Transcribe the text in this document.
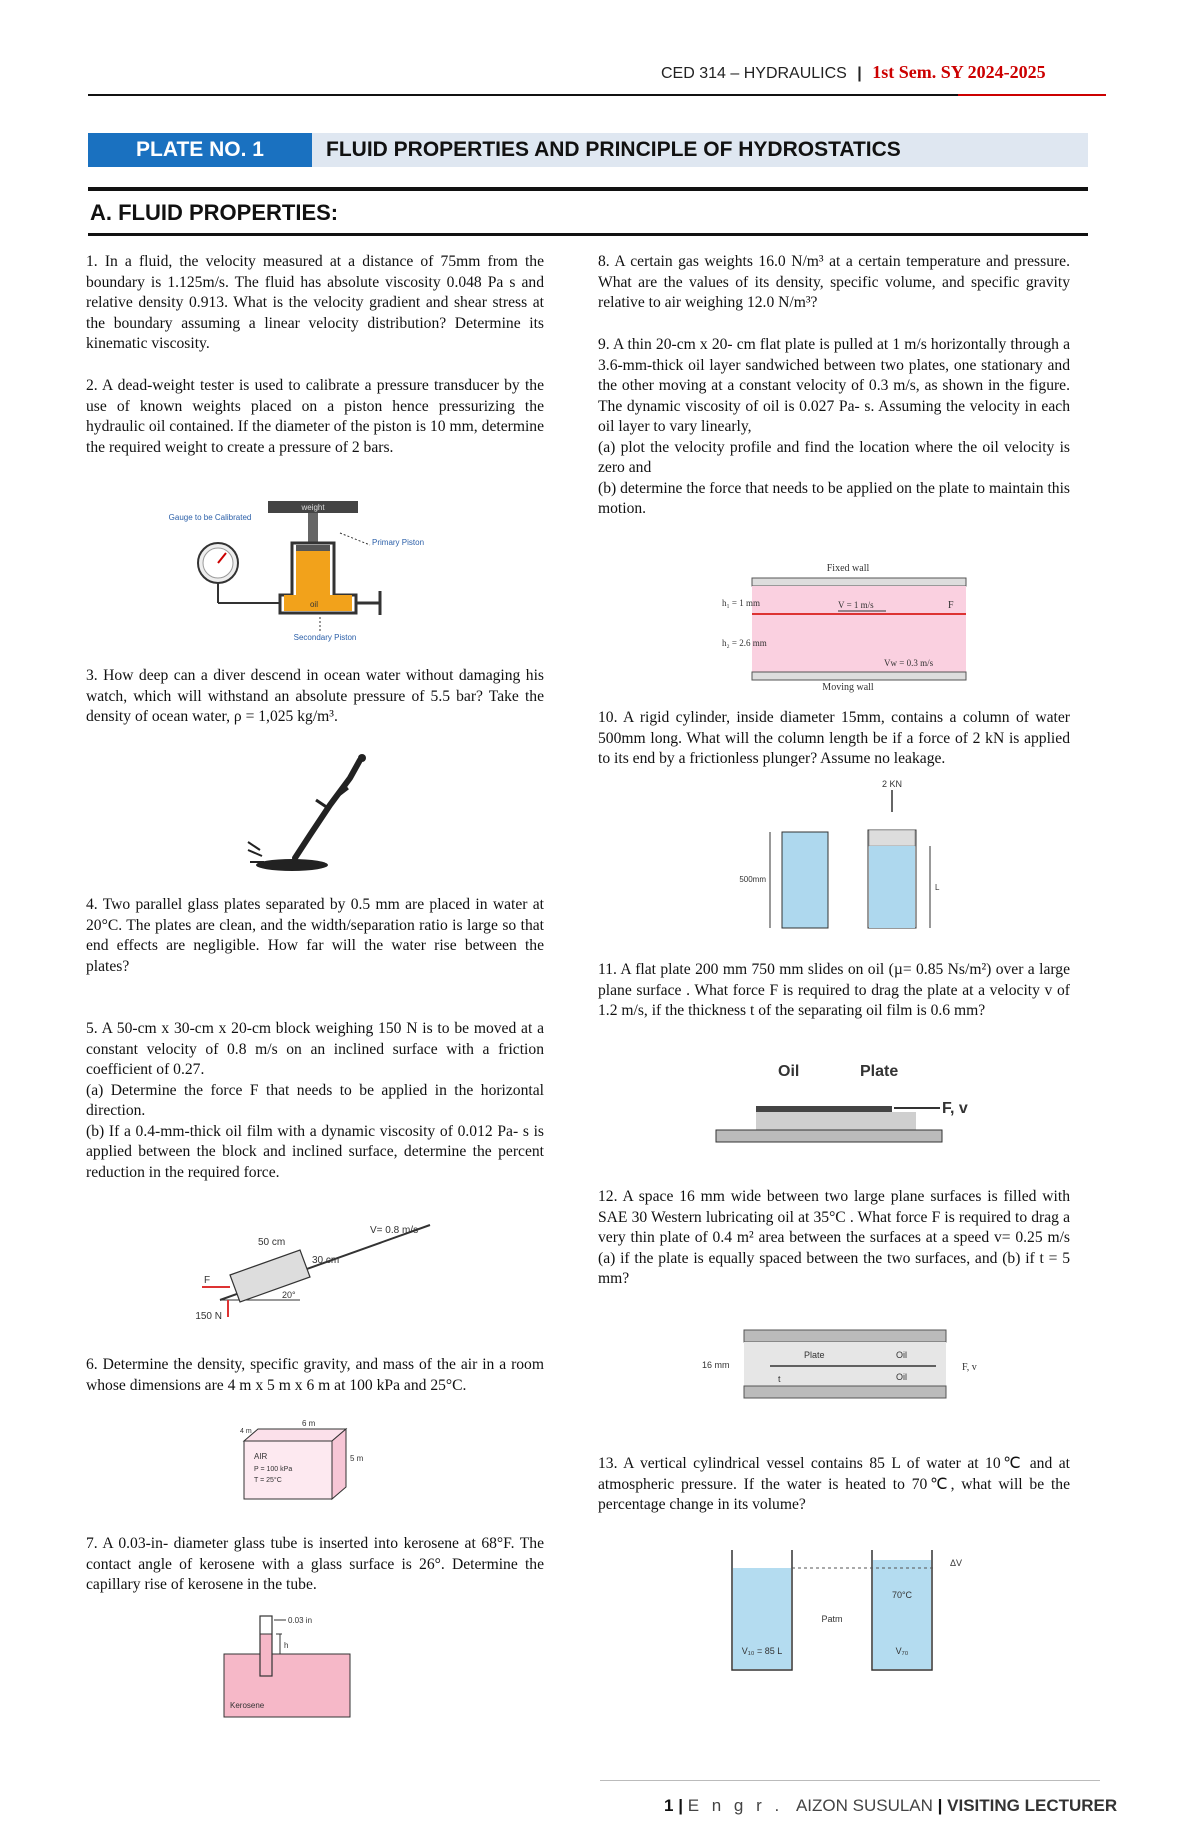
CED 314 – HYDRAULICS | 1st Sem. SY 2024-2025
PLATE NO. 1	FLUID PROPERTIES AND PRINCIPLE OF HYDROSTATICS
A. FLUID PROPERTIES:

1. In a fluid, the velocity measured at a distance of 75mm from the boundary is 1.125m/s. The fluid has absolute viscosity 0.048 Pa s and relative density 0.913. What is the velocity gradient and shear stress at the boundary assuming a linear velocity distribution? Determine its kinematic viscosity.

2. A dead-weight tester is used to calibrate a pressure transducer by the use of known weights placed on a piston hence pressurizing the hydraulic oil contained. If the diameter of the piston is 10 mm, determine the required weight to create a pressure of 2 bars.

weight
oil
Gauge to be Calibrated
Primary Piston
Secondary Piston

3. How deep can a diver descend in ocean water without damaging his watch, which will withstand an absolute pressure of 5.5 bar? Take the density of ocean water, ρ = 1,025 kg/m³.

4. Two parallel glass plates separated by 0.5 mm are placed in water at 20°C. The plates are clean, and the width/separation ratio is large so that end effects are negligible. How far will the water rise between the plates?

5. A 50-cm x 30-cm x 20-cm block weighing 150 N is to be moved at a constant velocity of 0.8 m/s on an inclined surface with a friction coefficient of 0.27.

(a) Determine the force F that needs to be applied in the horizontal direction.

(b) If a 0.4-mm-thick oil film with a dynamic viscosity of 0.012 Pa- s is applied between the block and inclined surface, determine the percent reduction in the required force.

F
150 N
50 cm
30 cm
V= 0.8 m/s
20°

6. Determine the density, specific gravity, and mass of the air in a room whose dimensions are 4 m x 5 m x 6 m at 100 kPa and 25°C.

6 m
4 m
5 m
AIR
P = 100 kPa
T = 25°C

7. A 0.03-in- diameter glass tube is inserted into kerosene at 68°F. The contact angle of kerosene with a glass surface is 26°. Determine the capillary rise of kerosene in the tube.

h
0.03 in
Kerosene

8. A certain gas weights 16.0 N/m³ at a certain temperature and pressure. What are the values of its density, specific volume, and specific gravity relative to air weighing 12.0 N/m³?

9. A thin 20-cm x 20- cm flat plate is pulled at 1 m/s horizontally through a 3.6-mm-thick oil layer sandwiched between two plates, one stationary and the other moving at a constant velocity of 0.3 m/s, as shown in the figure. The dynamic viscosity of oil is 0.027 Pa- s. Assuming the velocity in each oil layer to vary linearly,

(a) plot the velocity profile and find the location where the oil velocity is zero and

(b) determine the force that needs to be applied on the plate to maintain this motion.

Fixed wall
Moving wall
h₁ = 1 mm
h₂ = 2.6 mm
V = 1 m/s	F
Vw = 0.3 m/s

10. A rigid cylinder, inside diameter 15mm, contains a column of water 500mm long. What will the column length be if a force of 2 kN is applied to its end by a frictionless plunger? Assume no leakage.

2 KN
500mm
L

11. A flat plate 200 mm 750 mm slides on oil (µ= 0.85 Ns/m²) over a large plane surface . What force F is required to drag the plate at a velocity v of 1.2 m/s, if the thickness t of the separating oil film is 0.6 mm?

Oil	Plate
F, v

12. A space 16 mm wide between two large plane surfaces is filled with SAE 30 Western lubricating oil at 35°C . What force F is required to drag a very thin plate of 0.4 m² area between the surfaces at a speed v= 0.25 m/s (a) if the plate is equally spaced between the two surfaces, and (b) if t = 5 mm?

16 mm
Plate	Oil
Oil
t
F, v

13. A vertical cylindrical vessel contains 85 L of water at 10℃ and at atmospheric pressure. If the water is heated to 70℃, what will be the percentage change in its volume?

ΔV
70°C
Patm
V₁₀ = 85 L	V₇₀
1 | E n g r . AIZON SUSULAN | VISITING LECTURER
